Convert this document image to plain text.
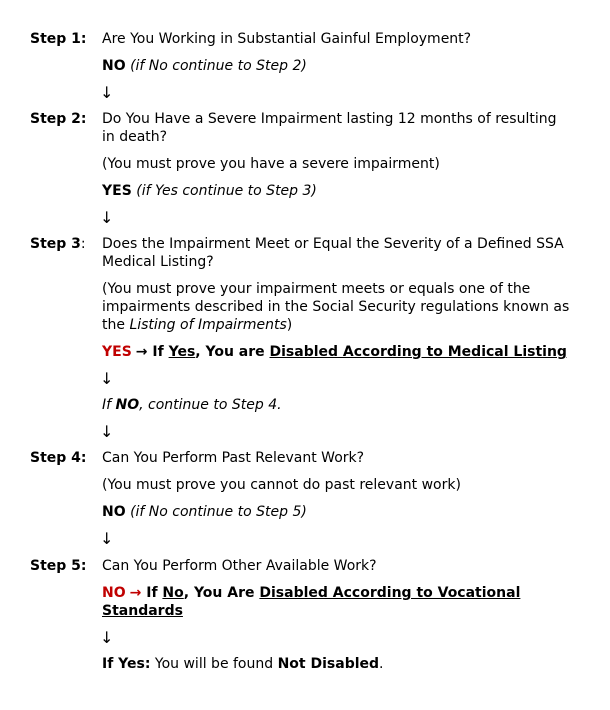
Step 1: Are You Working in Substantial Gainful Employment?
NO (if No continue to Step 2)
↓
Step 2: Do You Have a Severe Impairment lasting 12 months of resulting
in death?
(You must prove you have a severe impairment)
YES (if Yes continue to Step 3)
↓
Step 3: Does the Impairment Meet or Equal the Severity of a Defined SSA
Medical Listing?
(You must prove your impairment meets or equals one of the
impairments described in the Social Security regulations known as
the Listing of Impairments)
YES → If Yes, You are Disabled According to Medical Listing
↓
If NO, continue to Step 4.
↓
Step 4: Can You Perform Past Relevant Work?
(You must prove you cannot do past relevant work)
NO (if No continue to Step 5)
↓
Step 5: Can You Perform Other Available Work?
NO → If No, You Are Disabled According to Vocational
Standards
↓
If Yes: You will be found Not Disabled.
